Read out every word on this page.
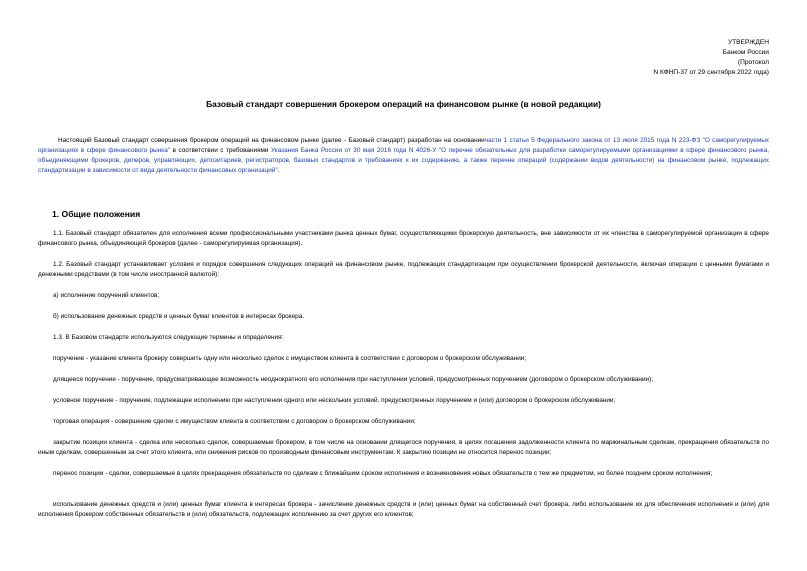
УТВЕРЖДЕН
Банком России
(Протокол
N КФНП-37 от 29 сентября 2022 года)
Базовый стандарт совершения брокером операций на финансовом рынке (в новой редакции)
Настоящий Базовый стандарт совершения брокером операций на финансовом рынке (далее - Базовый стандарт) разработан на основаниичасти 1 статьи 5 Федерального закона от 13 июля 2015 года N 223-ФЗ "О саморегулируемых организациях в сфере финансового рынка" в соответствии с требованиями Указания Банка России от 30 мая 2016 года N 4026-У "О перечне обязательных для разработки саморегулируемыми организациями в сфере финансового рынка, объединяющими брокеров, дилеров, управляющих, депозитариев, регистраторов, базовых стандартов и требованиях к их содержанию, а также перечне операций (содержании видов деятельности) на финансовом рынке, подлежащих стандартизации в зависимости от вида деятельности финансовых организаций".
1. Общие положения
1.1. Базовый стандарт обязателен для исполнения всеми профессиональными участниками рынка ценных бумаг, осуществляющими брокерскую деятельность, вне зависимости от их членства в саморегулируемой организации в сфере финансового рынка, объединяющей брокеров (далее - саморегулируемая организация).
1.2. Базовый стандарт устанавливает условия и порядок совершения следующих операций на финансовом рынке, подлежащих стандартизации при осуществлении брокерской деятельности, включая операции с ценными бумагами и денежными средствами (в том числе иностранной валютой):
а) исполнение поручений клиентов;
б) использование денежных средств и ценных бумаг клиентов в интересах брокера.
1.3. В Базовом стандарте используются следующие термины и определения:
поручение - указание клиента брокеру совершить одну или несколько сделок с имуществом клиента в соответствии с договором о брокерском обслуживании;
длящееся поручение - поручение, предусматривающее возможность неоднократного его исполнения при наступлении условий, предусмотренных поручением (договором о брокерском обслуживании);
условное поручение - поручение, подлежащее исполнению при наступлении одного или нескольких условий, предусмотренных поручением и (или) договором о брокерском обслуживании;
торговая операция - совершение сделки с имуществом клиента в соответствии с договором о брокерском обслуживании;
закрытие позиции клиента - сделка или несколько сделок, совершаемые брокером, в том числе на основании длящегося поручения, в целях погашения задолженности клиента по маржинальным сделкам, прекращения обязательств по иным сделкам, совершенным за счет этого клиента, или снижения рисков по производным финансовым инструментам. К закрытию позиции не относится перенос позиции;
перенос позиции - сделки, совершаемые в целях прекращения обязательств по сделкам с ближайшим сроком исполнения и возникновения новых обязательств с тем же предметом, но более поздним сроком исполнения;
использование денежных средств и (или) ценных бумаг клиента в интересах брокера - зачисление денежных средств и (или) ценных бумаг на собственный счет брокера, либо использование их для обеспечения исполнения и (или) для исполнения брокером собственных обязательств и (или) обязательств, подлежащих исполнению за счет других его клиентов;
